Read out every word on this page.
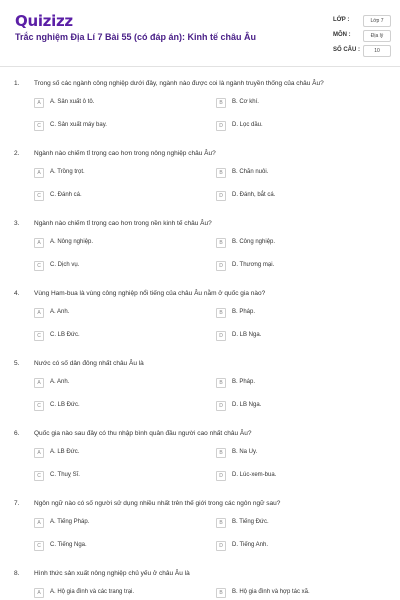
Quizizz
Trắc nghiệm Địa Lí 7 Bài 55 (có đáp án): Kinh tế châu Âu
LỚP :	Lớp 7
MÔN :	Địa lý
SỐ CÂU :	10
1. Trong số các ngành công nghiệp dưới đây, ngành nào được coi là ngành truyền thống của châu Âu?
A	A. Sản xuất ô tô.	B	B. Cơ khí.
C	C. Sản xuất máy bay.	D	D. Lọc dầu.
2. Ngành nào chiếm tỉ trọng cao hơn trong nông nghiệp châu Âu?
A	A. Trồng trọt.	B	B. Chăn nuôi.
C	C. Đánh cá.	D	D. Đánh, bắt cá.
3. Ngành nào chiếm tỉ trọng cao hơn trong nền kinh tế châu Âu?
A	A. Nông nghiệp.	B	B. Công nghiệp.
C	C. Dịch vụ.	D	D. Thương mại.
4. Vùng Ham-bua là vùng công nghiệp nổi tiếng của châu Âu nằm ở quốc gia nào?
A	A. Anh.	B	B. Pháp.
C	C. LB Đức.	D	D. LB Nga.
5. Nước có số dân đông nhất châu Âu là
A	A. Anh.	B	B. Pháp.
C	C. LB Đức.	D	D. LB Nga.
6. Quốc gia nào sau đây có thu nhập bình quân đầu người cao nhất châu Âu?
A	A. LB Đức.	B	B. Na Uy.
C	C. Thuỵ Sĩ.	D	D. Lúc-xem-bua.
7. Ngôn ngữ nào có số người sử dụng nhiều nhất trên thế giới trong các ngôn ngữ sau?
A	A. Tiếng Pháp.	B	B. Tiếng Đức.
C	C. Tiếng Nga.	D	D. Tiếng Anh.
8. Hình thức sản xuất nông nghiệp chủ yếu ở châu Âu là
A	A. Hộ gia đình và các trang trại.	B	B. Hộ gia đình và hợp tác xã.
